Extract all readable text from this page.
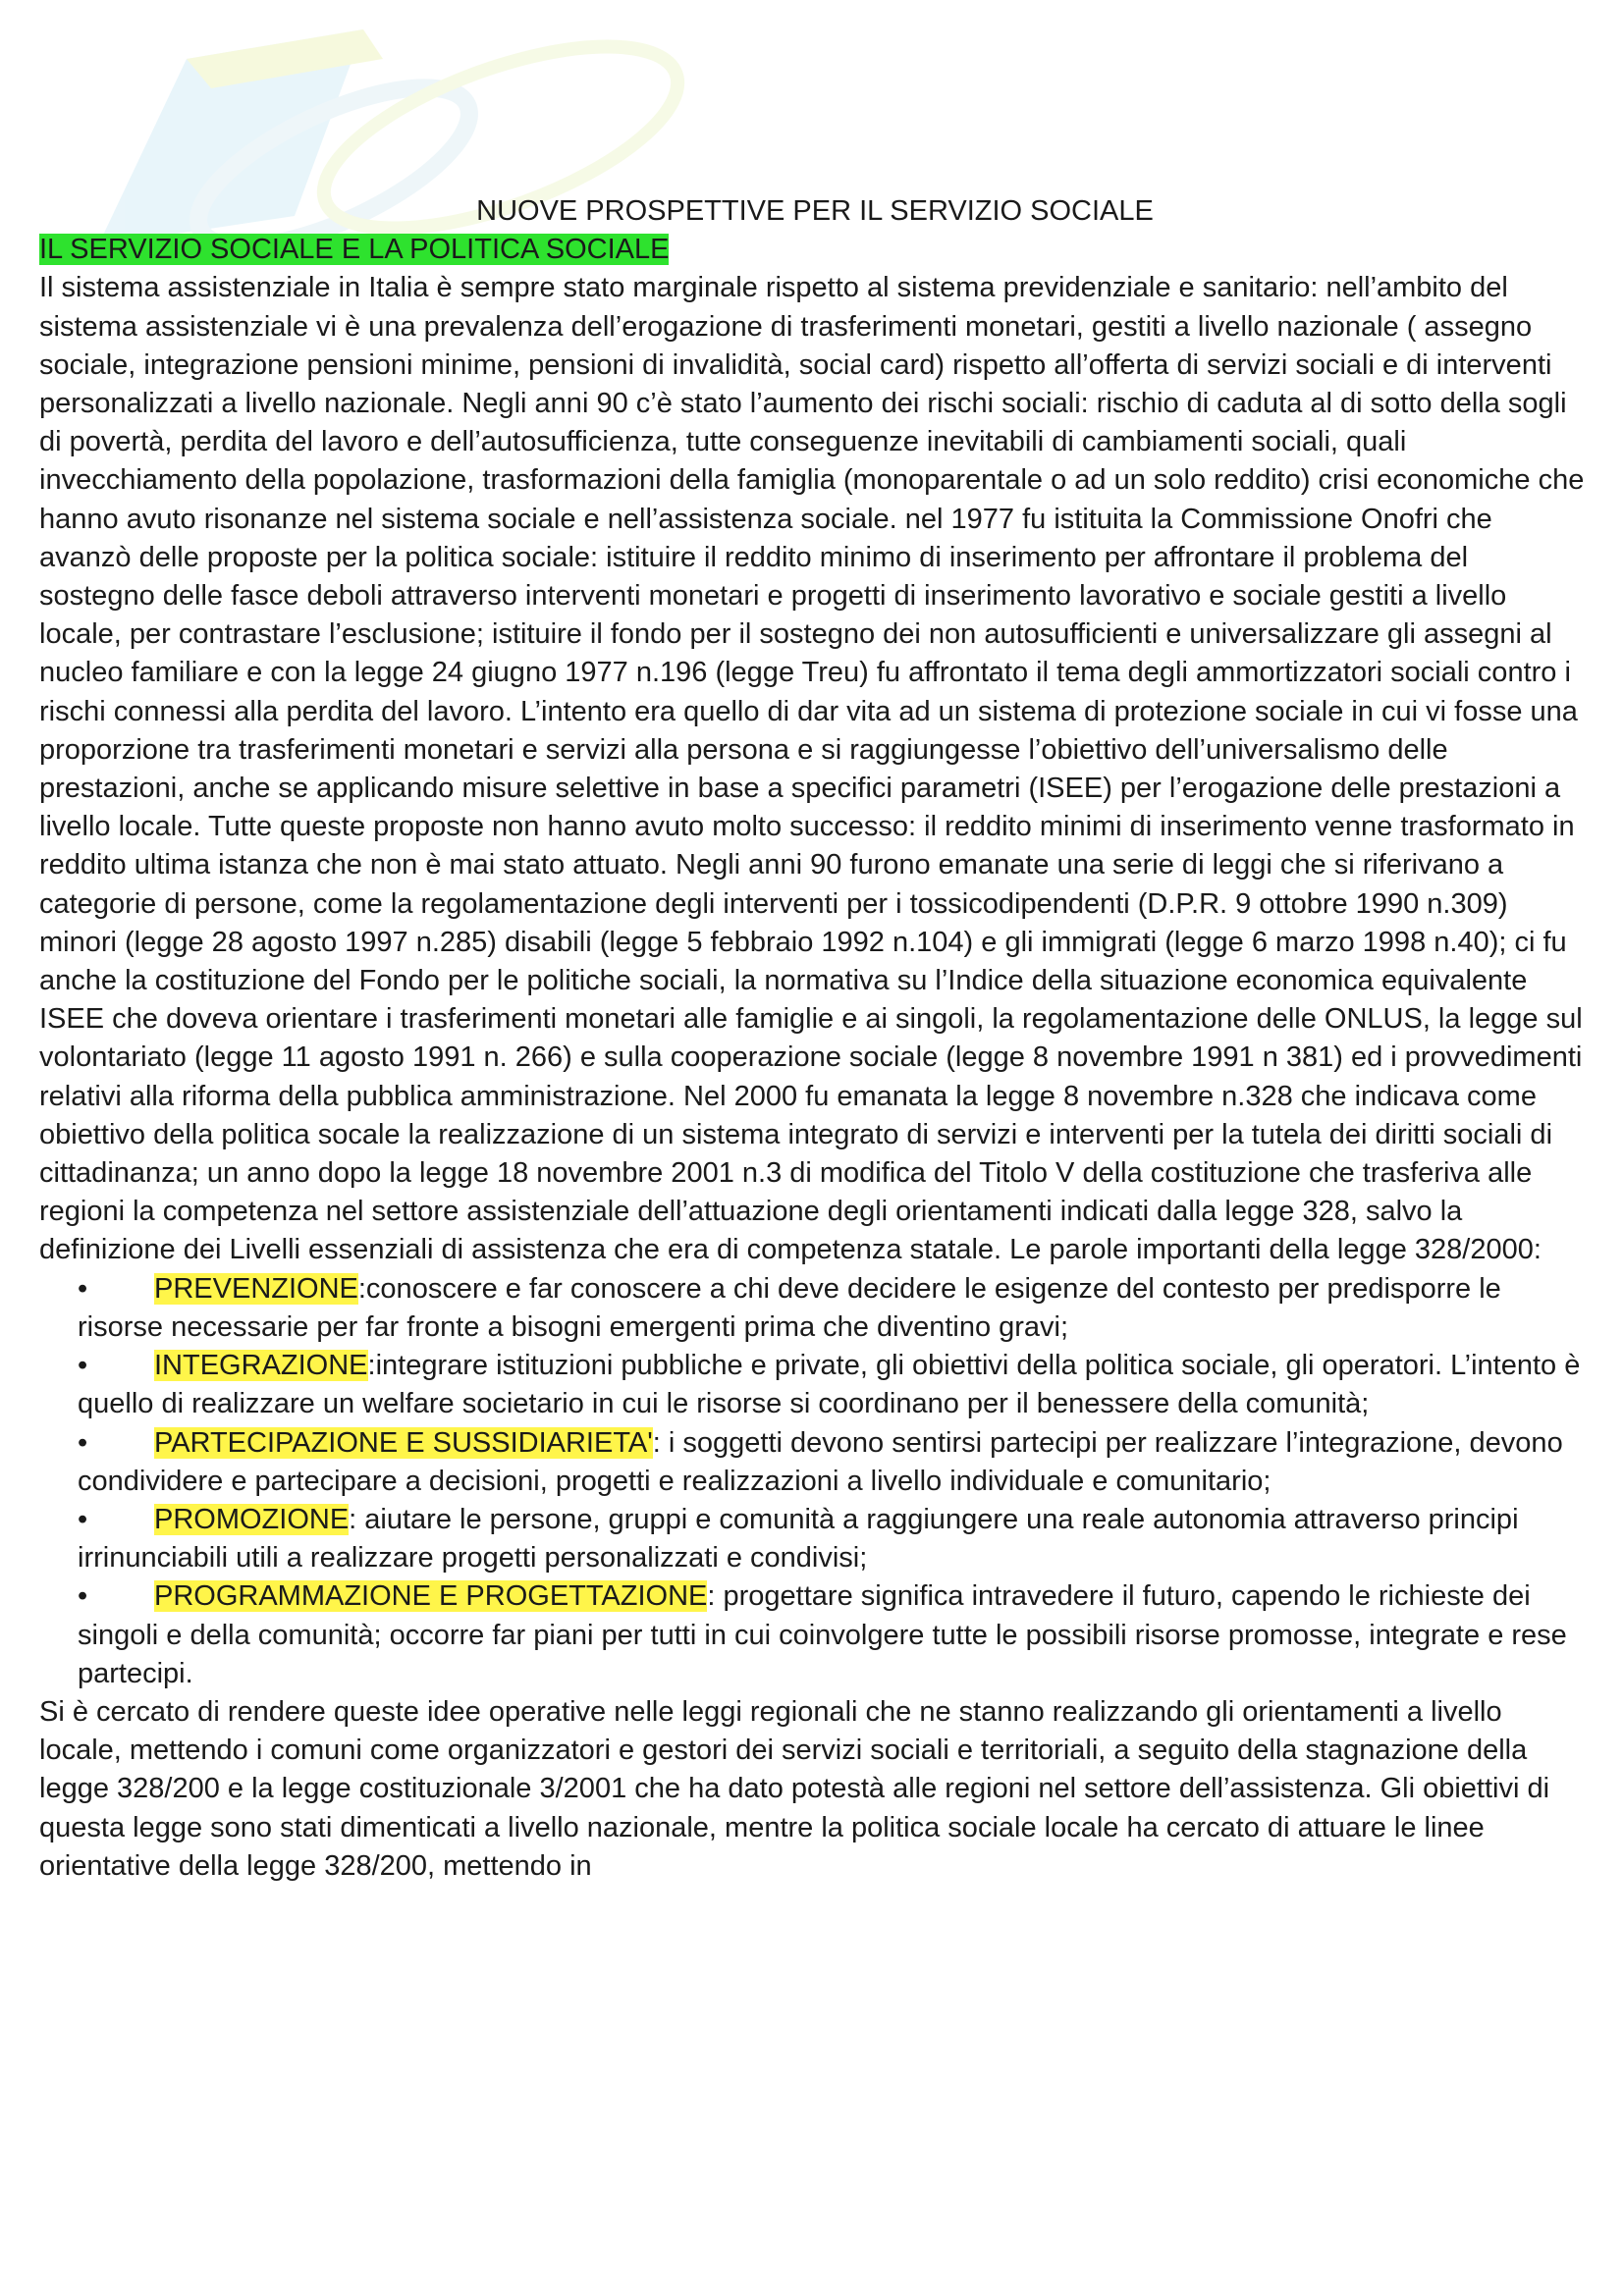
NUOVE PROSPETTIVE PER IL SERVIZIO SOCIALE
IL SERVIZIO SOCIALE E LA POLITICA SOCIALE

Il sistema assistenziale in Italia è sempre stato marginale rispetto al sistema previdenziale e sanitario: nell’ambito del sistema assistenziale vi è una prevalenza dell’erogazione di trasferimenti monetari, gestiti a livello nazionale ( assegno sociale, integrazione pensioni minime, pensioni di invalidità, social card) rispetto all’offerta di servizi sociali e di interventi personalizzati a livello nazionale. Negli anni 90 c’è stato l’aumento dei rischi sociali: rischio di caduta al di sotto della sogli di povertà, perdita del lavoro e dell’autosufficienza, tutte conseguenze inevitabili di cambiamenti sociali, quali invecchiamento della popolazione, trasformazioni della famiglia (monoparentale o ad un solo reddito) crisi economiche che hanno avuto risonanze nel sistema sociale e nell’assistenza sociale. nel 1977 fu istituita la Commissione Onofri che avanzò delle proposte per la politica sociale: istituire il reddito minimo di inserimento per affrontare il problema del sostegno delle fasce deboli attraverso interventi monetari e progetti di inserimento lavorativo e sociale gestiti a livello locale, per contrastare l’esclusione; istituire il fondo per il sostegno dei non autosufficienti e universalizzare gli assegni al nucleo familiare e con la legge 24 giugno 1977 n.196 (legge Treu) fu affrontato il tema degli ammortizzatori sociali contro i rischi connessi alla perdita del lavoro. L’intento era quello di dar vita ad un sistema di protezione sociale in cui vi fosse una proporzione tra trasferimenti monetari e servizi alla persona e si raggiungesse l’obiettivo dell’universalismo delle prestazioni, anche se applicando misure selettive in base a specifici parametri (ISEE) per l’erogazione delle prestazioni a livello locale. Tutte queste proposte non hanno avuto molto successo: il reddito minimi di inserimento venne trasformato in reddito ultima istanza che non è mai stato attuato. Negli anni 90 furono emanate una serie di leggi che si riferivano a categorie di persone, come la regolamentazione degli interventi per i tossicodipendenti (D.P.R. 9 ottobre 1990 n.309) minori (legge 28 agosto 1997 n.285) disabili (legge 5 febbraio 1992 n.104) e gli immigrati (legge 6 marzo 1998 n.40); ci fu anche la costituzione del Fondo per le politiche sociali, la normativa su l’Indice della situazione economica equivalente ISEE che doveva orientare i trasferimenti monetari alle famiglie e ai singoli, la regolamentazione delle ONLUS, la legge sul volontariato (legge 11 agosto 1991 n. 266) e sulla cooperazione sociale (legge 8 novembre 1991 n 381) ed i provvedimenti relativi alla riforma della pubblica amministrazione. Nel 2000 fu emanata la legge 8 novembre n.328 che indicava come obiettivo della politica socale la realizzazione di un sistema integrato di servizi e interventi per la tutela dei diritti sociali di cittadinanza; un anno dopo la legge 18 novembre 2001 n.3 di modifica del Titolo V della costituzione che trasferiva alle regioni la competenza nel settore assistenziale dell’attuazione degli orientamenti indicati dalla legge 328, salvo la definizione dei Livelli essenziali di assistenza che era di competenza statale. Le parole importanti della legge 328/2000:

•	PREVENZIONE:conoscere e far conoscere a chi deve decidere le esigenze del contesto per predisporre le risorse necessarie per far fronte a bisogni emergenti prima che diventino gravi;
•	INTEGRAZIONE:integrare istituzioni pubbliche e private, gli obiettivi della politica sociale, gli operatori. L’intento è quello di realizzare un welfare societario in cui le risorse si coordinano per il benessere della comunità;
•	PARTECIPAZIONE E SUSSIDIARIETA': i soggetti devono sentirsi partecipi per realizzare l’integrazione, devono condividere e partecipare a decisioni, progetti e realizzazioni a livello individuale e comunitario;
•	PROMOZIONE: aiutare le persone, gruppi e comunità a raggiungere una reale autonomia attraverso principi irrinunciabili utili a realizzare progetti personalizzati e condivisi;
•	PROGRAMMAZIONE E PROGETTAZIONE: progettare significa intravedere il futuro, capendo le richieste dei singoli e della comunità; occorre far piani per tutti in cui coinvolgere tutte le possibili risorse promosse, integrate e rese partecipi.

Si è cercato di rendere queste idee operative nelle leggi regionali che ne stanno realizzando gli orientamenti a livello locale, mettendo i comuni come organizzatori e gestori dei servizi sociali e territoriali, a seguito della stagnazione della legge 328/200 e la legge costituzionale 3/2001 che ha dato potestà alle regioni nel settore dell’assistenza. Gli obiettivi di questa legge sono stati dimenticati a livello nazionale, mentre la politica sociale locale ha cercato di attuare le linee orientative della legge 328/200, mettendo in
